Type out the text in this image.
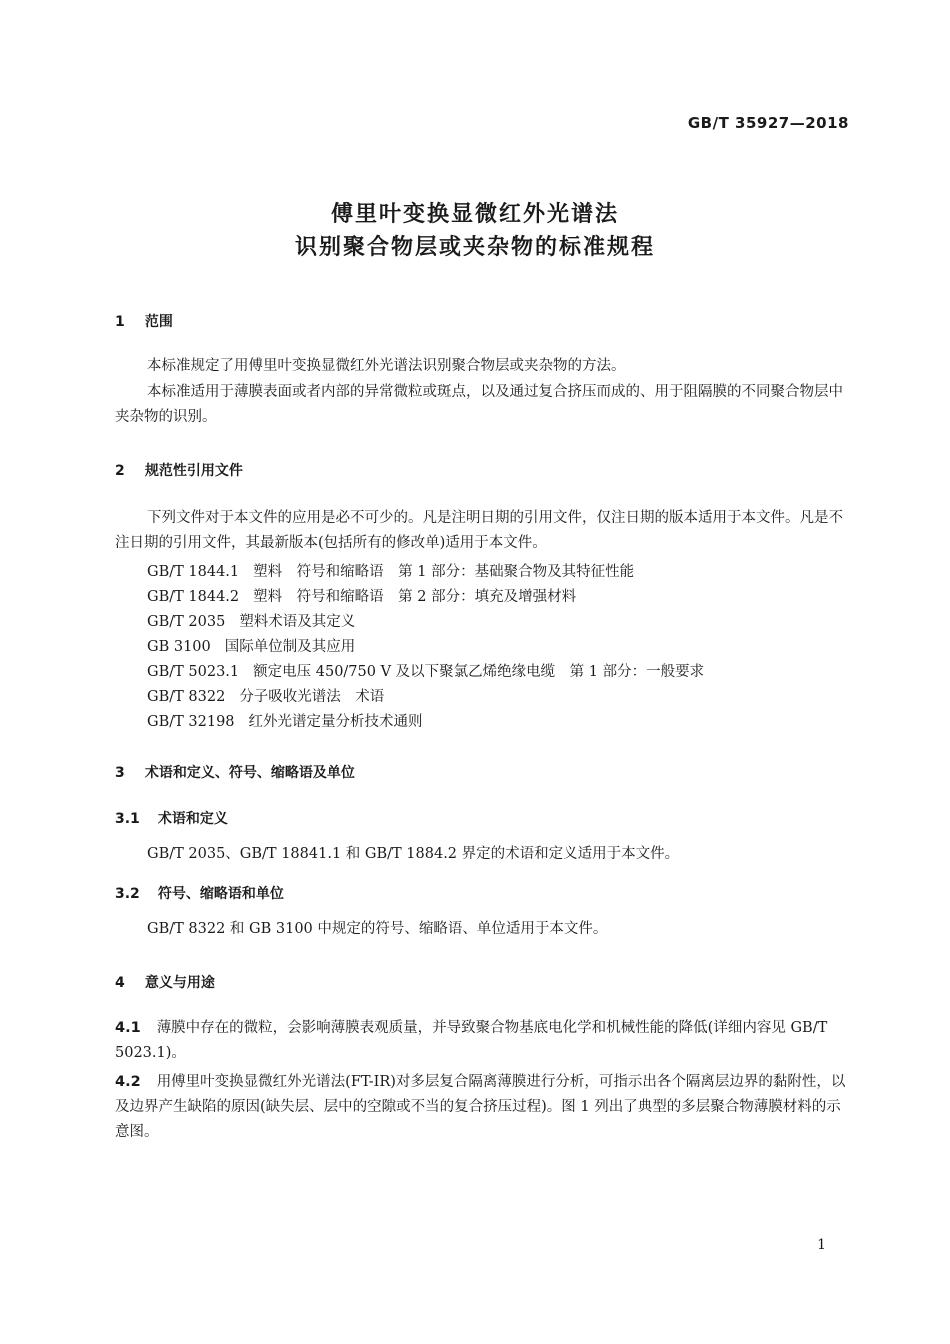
GB/T 35927—2018
傅里叶变换显微红外光谱法
识别聚合物层或夹杂物的标准规程
1 范围
本标准规定了用傅里叶变换显微红外光谱法识别聚合物层或夹杂物的方法。
本标准适用于薄膜表面或者内部的异常微粒或斑点，以及通过复合挤压而成的、用于阻隔膜的不同聚合物层中夹杂物的识别。
2 规范性引用文件
下列文件对于本文件的应用是必不可少的。凡是注明日期的引用文件，仅注日期的版本适用于本文件。凡是不注日期的引用文件，其最新版本(包括所有的修改单)适用于本文件。
GB/T 1844.1 塑料　符号和缩略语　第 1 部分：基础聚合物及其特征性能
GB/T 1844.2 塑料　符号和缩略语　第 2 部分：填充及增强材料
GB/T 2035 塑料术语及其定义
GB 3100 国际单位制及其应用
GB/T 5023.1 额定电压 450/750 V 及以下聚氯乙烯绝缘电缆　第 1 部分：一般要求
GB/T 8322 分子吸收光谱法　术语
GB/T 32198 红外光谱定量分析技术通则
3 术语和定义、符号、缩略语及单位
3.1 术语和定义
GB/T 2035、GB/T 18841.1 和 GB/T 1884.2 界定的术语和定义适用于本文件。
3.2 符号、缩略语和单位
GB/T 8322 和 GB 3100 中规定的符号、缩略语、单位适用于本文件。
4 意义与用途
4.1 薄膜中存在的微粒，会影响薄膜表观质量，并导致聚合物基底电化学和机械性能的降低(详细内容见 GB/T 5023.1)。
4.2 用傅里叶变换显微红外光谱法(FT-IR)对多层复合隔离薄膜进行分析，可指示出各个隔离层边界的黏附性，以及边界产生缺陷的原因(缺失层、层中的空隙或不当的复合挤压过程)。图 1 列出了典型的多层聚合物薄膜材料的示意图。
1
